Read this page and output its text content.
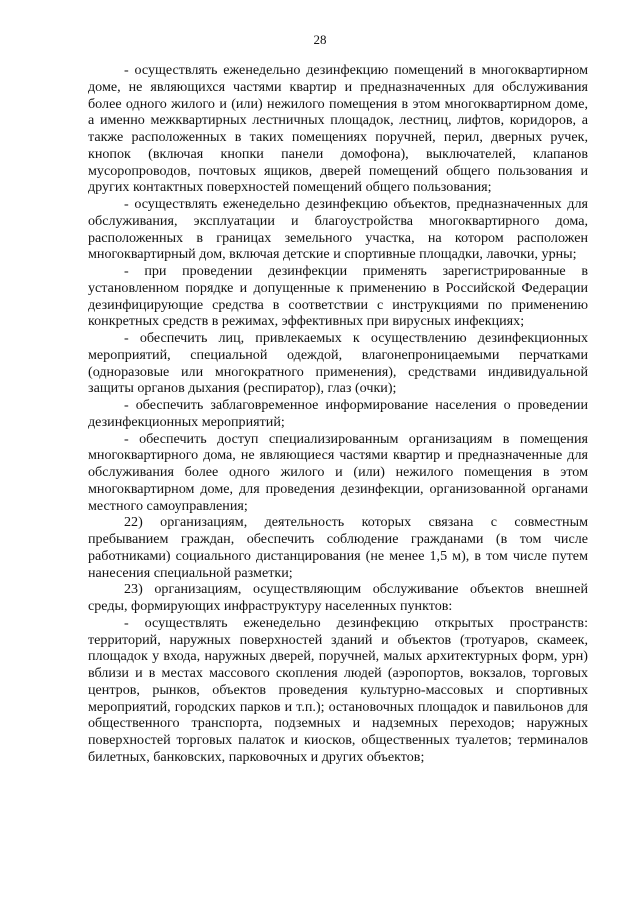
28

- осуществлять еженедельно дезинфекцию помещений в многоквартирном доме, не являющихся частями квартир и предназначенных для обслуживания более одного жилого и (или) нежилого помещения в этом многоквартирном доме, а именно межквартирных лестничных площадок, лестниц, лифтов, коридоров, а также расположенных в таких помещениях поручней, перил, дверных ручек, кнопок (включая кнопки панели домофона), выключателей, клапанов мусоропроводов, почтовых ящиков, дверей помещений общего пользования и других контактных поверхностей помещений общего пользования;

- осуществлять еженедельно дезинфекцию объектов, предназначенных для обслуживания, эксплуатации и благоустройства многоквартирного дома, расположенных в границах земельного участка, на котором расположен многоквартирный дом, включая детские и спортивные площадки, лавочки, урны;

- при проведении дезинфекции применять зарегистрированные в установленном порядке и допущенные к применению в Российской Федерации дезинфицирующие средства в соответствии с инструкциями по применению конкретных средств в режимах, эффективных при вирусных инфекциях;

- обеспечить лиц, привлекаемых к осуществлению дезинфекционных мероприятий, специальной одеждой, влагонепроницаемыми перчатками (одноразовые или многократного применения), средствами индивидуальной защиты органов дыхания (респиратор), глаз (очки);

- обеспечить заблаговременное информирование населения о проведении дезинфекционных мероприятий;

- обеспечить доступ специализированным организациям в помещения многоквартирного дома, не являющиеся частями квартир и предназначенные для обслуживания более одного жилого и (или) нежилого помещения в этом многоквартирном доме, для проведения дезинфекции, организованной органами местного самоуправления;

22) организациям, деятельность которых связана с совместным пребыванием граждан, обеспечить соблюдение гражданами (в том числе работниками) социального дистанцирования (не менее 1,5 м), в том числе путем нанесения специальной разметки;

23) организациям, осуществляющим обслуживание объектов внешней среды, формирующих инфраструктуру населенных пунктов:

- осуществлять еженедельно дезинфекцию открытых пространств: территорий, наружных поверхностей зданий и объектов (тротуаров, скамеек, площадок у входа, наружных дверей, поручней, малых архитектурных форм, урн) вблизи и в местах массового скопления людей (аэропортов, вокзалов, торговых центров, рынков, объектов проведения культурно-массовых и спортивных мероприятий, городских парков и т.п.); остановочных площадок и павильонов для общественного транспорта, подземных и надземных переходов; наружных поверхностей торговых палаток и киосков, общественных туалетов; терминалов билетных, банковских, парковочных и других объектов;
